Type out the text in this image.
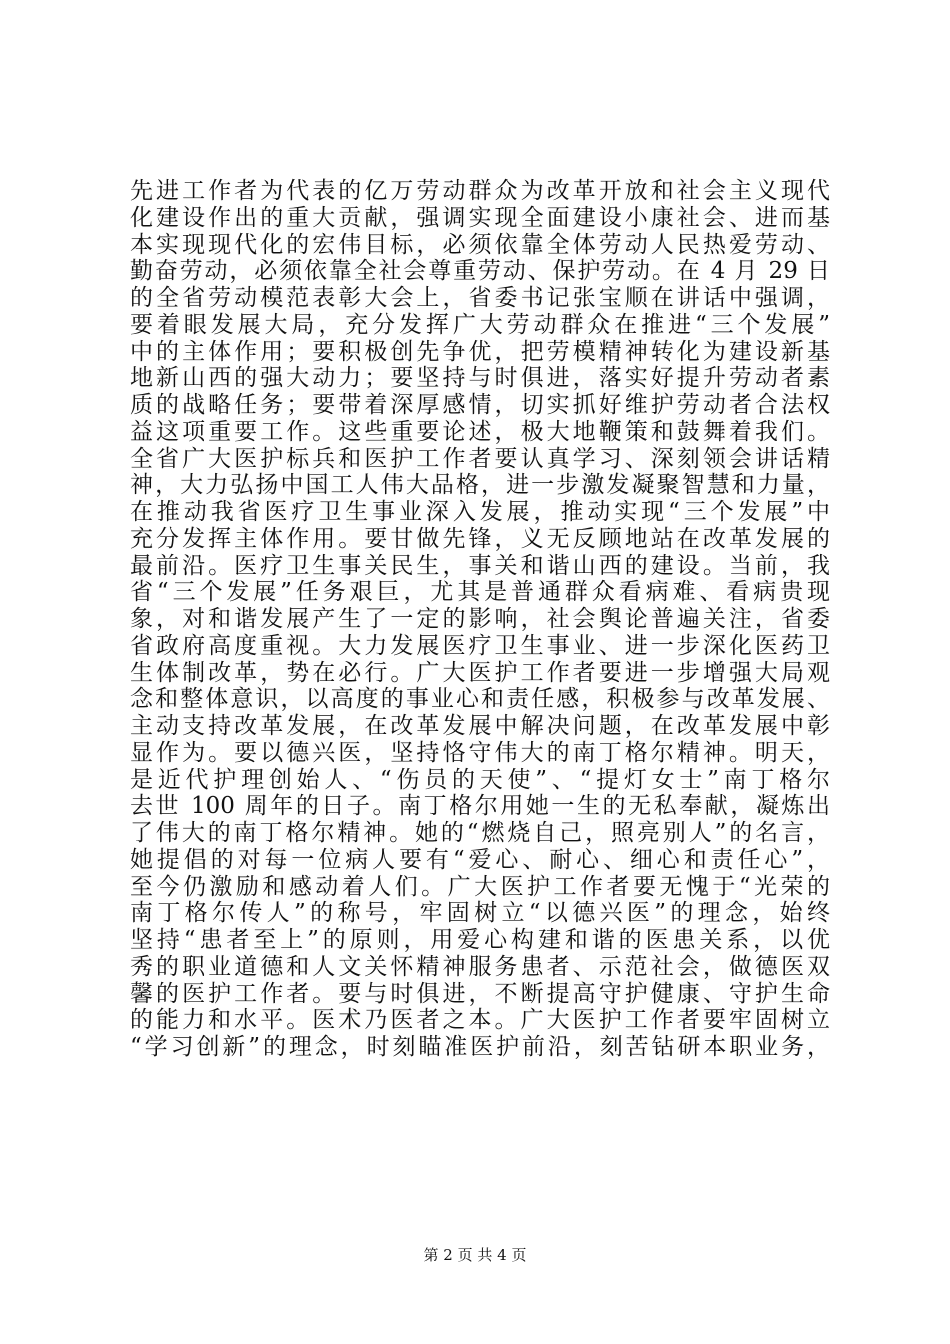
先进工作者为代表的亿万劳动群众为改革开放和社会主义现代
化建设作出的重大贡献，强调实现全面建设小康社会、进而基
本实现现代化的宏伟目标，必须依靠全体劳动人民热爱劳动、
勤奋劳动，必须依靠全社会尊重劳动、保护劳动。在 4 月 29 日
的全省劳动模范表彰大会上，省委书记张宝顺在讲话中强调，
要着眼发展大局，充分发挥广大劳动群众在推进“三个发展”
中的主体作用；要积极创先争优，把劳模精神转化为建设新基
地新山西的强大动力；要坚持与时俱进，落实好提升劳动者素
质的战略任务；要带着深厚感情，切实抓好维护劳动者合法权
益这项重要工作。这些重要论述，极大地鞭策和鼓舞着我们。
全省广大医护标兵和医护工作者要认真学习、深刻领会讲话精
神，大力弘扬中国工人伟大品格，进一步激发凝聚智慧和力量，
在推动我省医疗卫生事业深入发展，推动实现“三个发展”中
充分发挥主体作用。要甘做先锋，义无反顾地站在改革发展的
最前沿。医疗卫生事关民生，事关和谐山西的建设。当前，我
省“三个发展”任务艰巨，尤其是普通群众看病难、看病贵现
象，对和谐发展产生了一定的影响，社会舆论普遍关注，省委
省政府高度重视。大力发展医疗卫生事业、进一步深化医药卫
生体制改革，势在必行。广大医护工作者要进一步增强大局观
念和整体意识，以高度的事业心和责任感，积极参与改革发展、
主动支持改革发展，在改革发展中解决问题，在改革发展中彰
显作为。要以德兴医，坚持恪守伟大的南丁格尔精神。明天，
是近代护理创始人、“伤员的天使”、“提灯女士”南丁格尔
去世 100 周年的日子。南丁格尔用她一生的无私奉献，凝炼出
了伟大的南丁格尔精神。她的“燃烧自己，照亮别人”的名言，
她提倡的对每一位病人要有“爱心、耐心、细心和责任心”，
至今仍激励和感动着人们。广大医护工作者要无愧于“光荣的
南丁格尔传人”的称号，牢固树立“以德兴医”的理念，始终
坚持“患者至上”的原则，用爱心构建和谐的医患关系，以优
秀的职业道德和人文关怀精神服务患者、示范社会，做德医双
馨的医护工作者。要与时俱进，不断提高守护健康、守护生命
的能力和水平。医术乃医者之本。广大医护工作者要牢固树立
“学习创新”的理念，时刻瞄准医护前沿，刻苦钻研本职业务，
第 2 页 共 4 页
